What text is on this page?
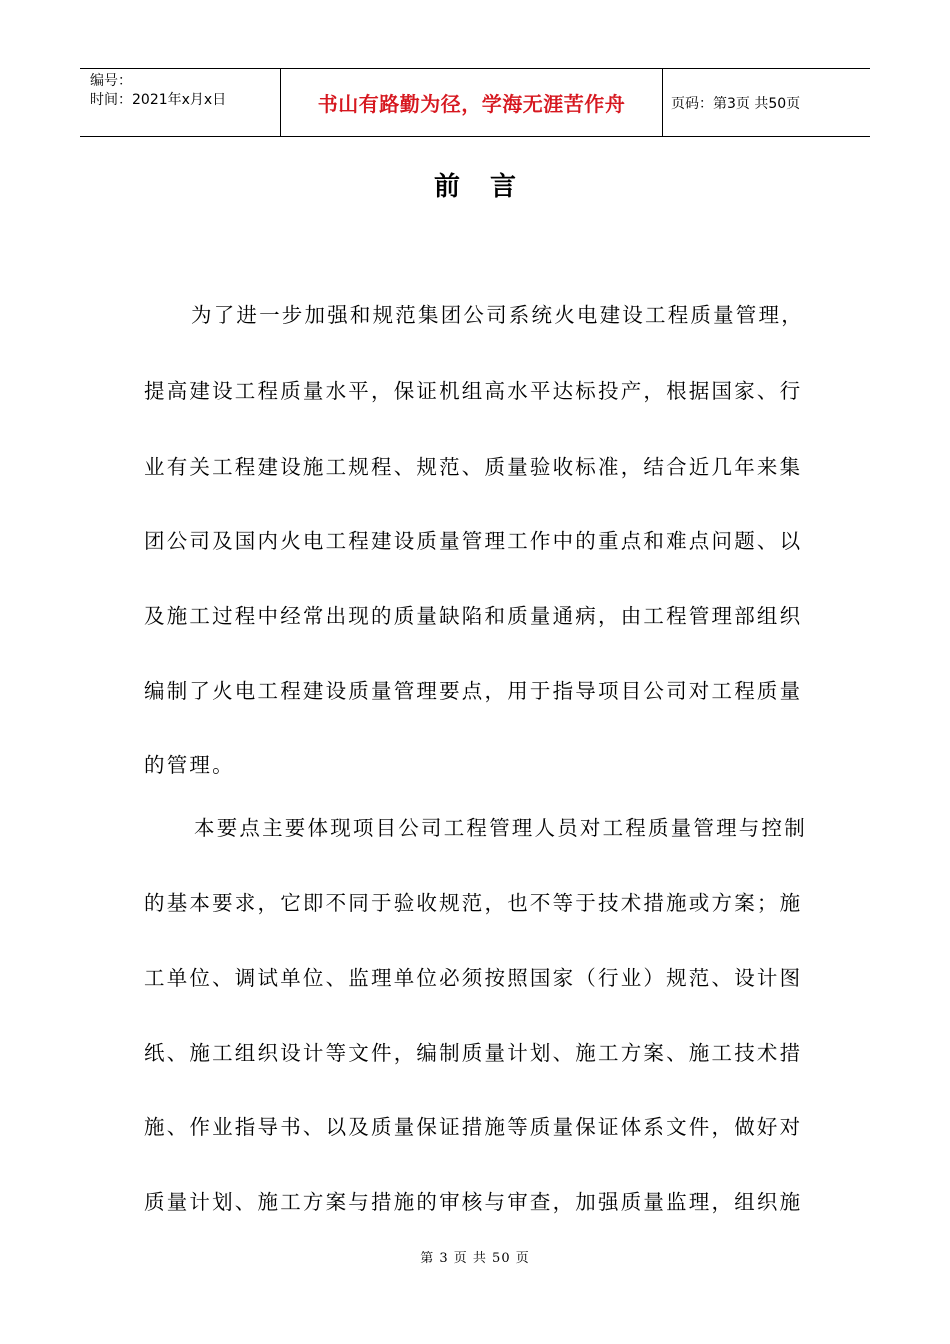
编号：
时间：2021年x月x日	书山有路勤为径，学海无涯苦作舟	页码：第3页 共50页
前言
为了进一步加强和规范集团公司系统火电建设工程质量管理，
提高建设工程质量水平，保证机组高水平达标投产，根据国家、行
业有关工程建设施工规程、规范、质量验收标准，结合近几年来集
团公司及国内火电工程建设质量管理工作中的重点和难点问题、以
及施工过程中经常出现的质量缺陷和质量通病，由工程管理部组织
编制了火电工程建设质量管理要点，用于指导项目公司对工程质量
的管理。
本要点主要体现项目公司工程管理人员对工程质量管理与控制
的基本要求，它即不同于验收规范，也不等于技术措施或方案；施
工单位、调试单位、监理单位必须按照国家（行业）规范、设计图
纸、施工组织设计等文件，编制质量计划、施工方案、施工技术措
施、作业指导书、以及质量保证措施等质量保证体系文件，做好对
质量计划、施工方案与措施的审核与审查，加强质量监理，组织施
第 3 页 共 50 页
